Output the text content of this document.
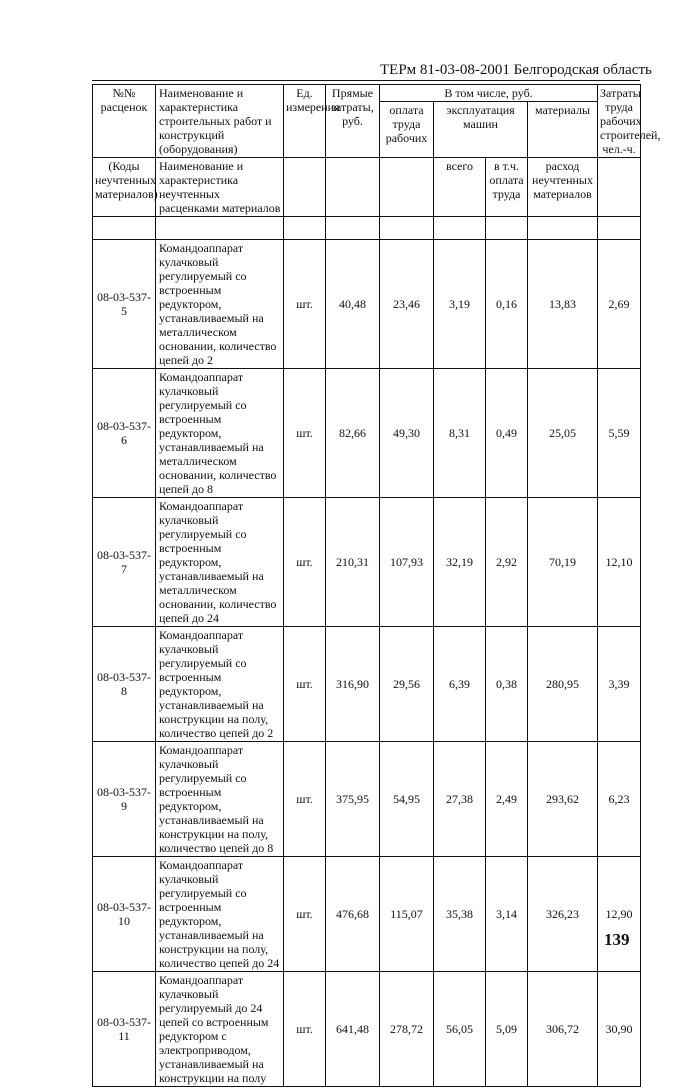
ТЕРм 81-03-08-2001 Белгородская область
№№ расценок	Наименование и характеристика строительных работ и конструкций (оборудования)	Ед. измерения	Прямые затраты, руб.	В том числе, руб.				Затраты труда рабочих строителей, чел.-ч.
				оплата труда рабочих	эксплуатация машин		материалы	
(Коды неучтенных материалов)	Наименование и характеристика неучтенных расценками материалов				всего	в т.ч. оплата труда	расход неучтенных материалов	

08-03-537-5	Командоаппарат кулачковый регулируемый со встроенным редуктором, устанавливаемый на металлическом основании, количество цепей до 2	шт.	40,48	23,46	3,19	0,16	13,83	2,69
08-03-537-6	Командоаппарат кулачковый регулируемый со встроенным редуктором, устанавливаемый на металлическом основании, количество цепей до 8	шт.	82,66	49,30	8,31	0,49	25,05	5,59
08-03-537-7	Командоаппарат кулачковый регулируемый со встроенным редуктором, устанавливаемый на металлическом основании, количество цепей до 24	шт.	210,31	107,93	32,19	2,92	70,19	12,10
08-03-537-8	Командоаппарат кулачковый регулируемый со встроенным редуктором, устанавливаемый на конструкции на полу, количество цепей до 2	шт.	316,90	29,56	6,39	0,38	280,95	3,39
08-03-537-9	Командоаппарат кулачковый регулируемый со встроенным редуктором, устанавливаемый на конструкции на полу, количество цепей до 8	шт.	375,95	54,95	27,38	2,49	293,62	6,23
08-03-537-10	Командоаппарат кулачковый регулируемый со встроенным редуктором, устанавливаемый на конструкции на полу, количество цепей до 24	шт.	476,68	115,07	35,38	3,14	326,23	12,90
08-03-537-11	Командоаппарат кулачковый регулируемый до 24 цепей со встроенным редуктором с электроприводом, устанавливаемый на конструкции на полу	шт.	641,48	278,72	56,05	5,09	306,72	30,90
139
